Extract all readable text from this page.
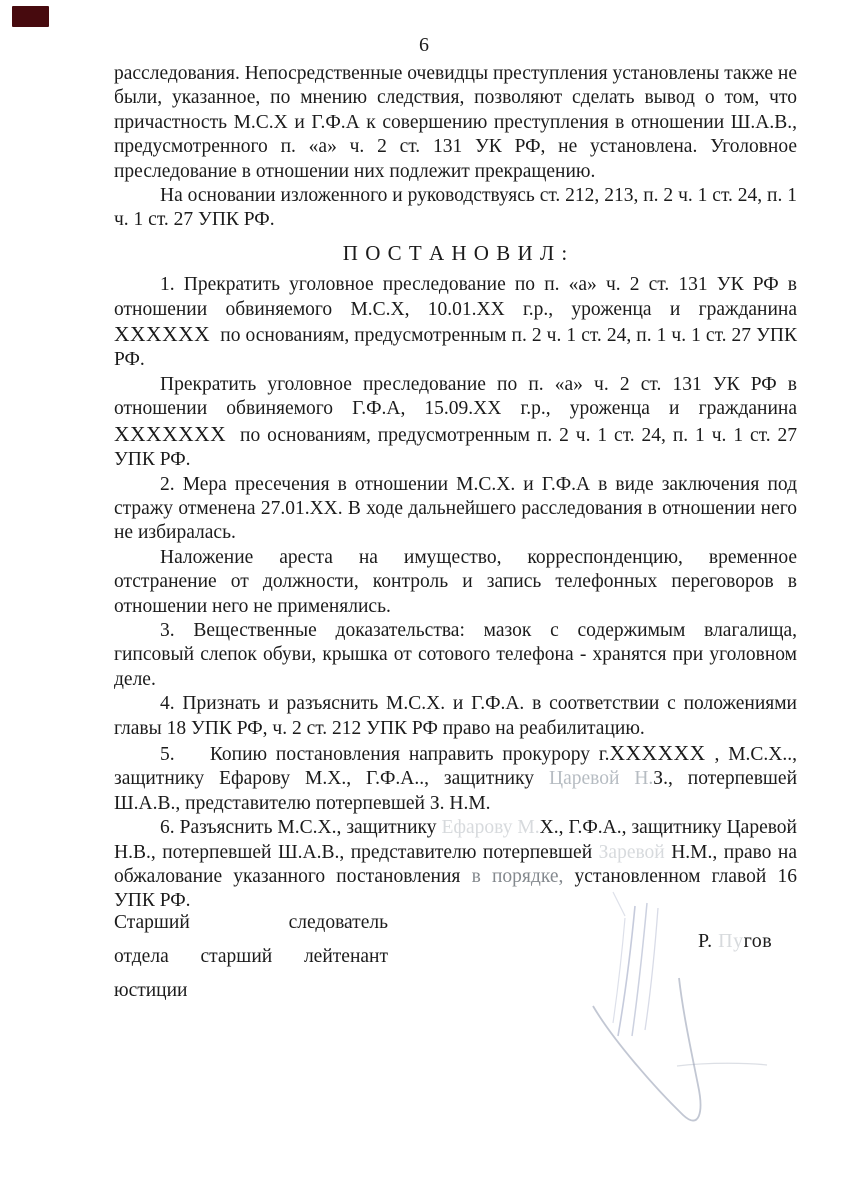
6

расследования. Непосредственные очевидцы преступления установлены также не были, указанное, по мнению следствия, позволяют сделать вывод о том, что причастность М.С.Х и Г.Ф.А к совершению преступления в отношении Ш.А.В., предусмотренного п. «а» ч. 2 ст. 131 УК РФ, не установлена. Уголовное преследование в отношении них подлежит прекращению.

На основании изложенного и руководствуясь ст. 212, 213, п. 2 ч. 1 ст. 24, п. 1 ч. 1 ст. 27 УПК РФ.

П О С Т А Н О В И Л :

1. Прекратить уголовное преследование по п. «а» ч. 2 ст. 131 УК РФ в отношении обвиняемого М.С.Х, 10.01.ХХ г.р., уроженца и гражданина ХХХХХХ  по основаниям, предусмотренным п. 2 ч. 1 ст. 24, п. 1 ч. 1 ст. 27 УПК РФ.

Прекратить уголовное преследование по п. «а» ч. 2 ст. 131 УК РФ в отношении обвиняемого Г.Ф.А, 15.09.ХХ г.р., уроженца и гражданина ХХХХХХХ  по основаниям, предусмотренным п. 2 ч. 1 ст. 24, п. 1 ч. 1 ст. 27 УПК РФ.

2. Мера пресечения в отношении М.С.Х. и Г.Ф.А в виде заключения под стражу отменена 27.01.ХХ. В ходе дальнейшего расследования в отношении него не избиралась.

Наложение ареста на имущество, корреспонденцию, временное отстранение от должности, контроль и запись телефонных переговоров в отношении него не применялись.

3. Вещественные доказательства: мазок с содержимым влагалища, гипсовый слепок обуви, крышка от сотового телефона - хранятся при уголовном деле.

4. Признать и разъяснить М.С.Х. и Г.Ф.А. в соответствии с положениями главы 18 УПК РФ, ч. 2 ст. 212 УПК РФ право на реабилитацию.

5.    Копию постановления направить прокурору г.ХХХХХХ , М.С.Х.., защитнику Ефарову М.Х., Г.Ф.А.., защитнику Царевой Н.З., потерпевшей Ш.А.В., представителю потерпевшей З. Н.М.

6. Разъяснить М.С.Х., защитнику Ефарову М.Х., Г.Ф.А., защитнику Царевой Н.В., потерпевшей Ш.А.В., представителю потерпевшей Заревой Н.М., право на обжалование указанного постановления в порядке, установленном главой 16 УПК РФ.

Старший следователь
отдела старший лейтенант
юстиции
Р. Пугов
